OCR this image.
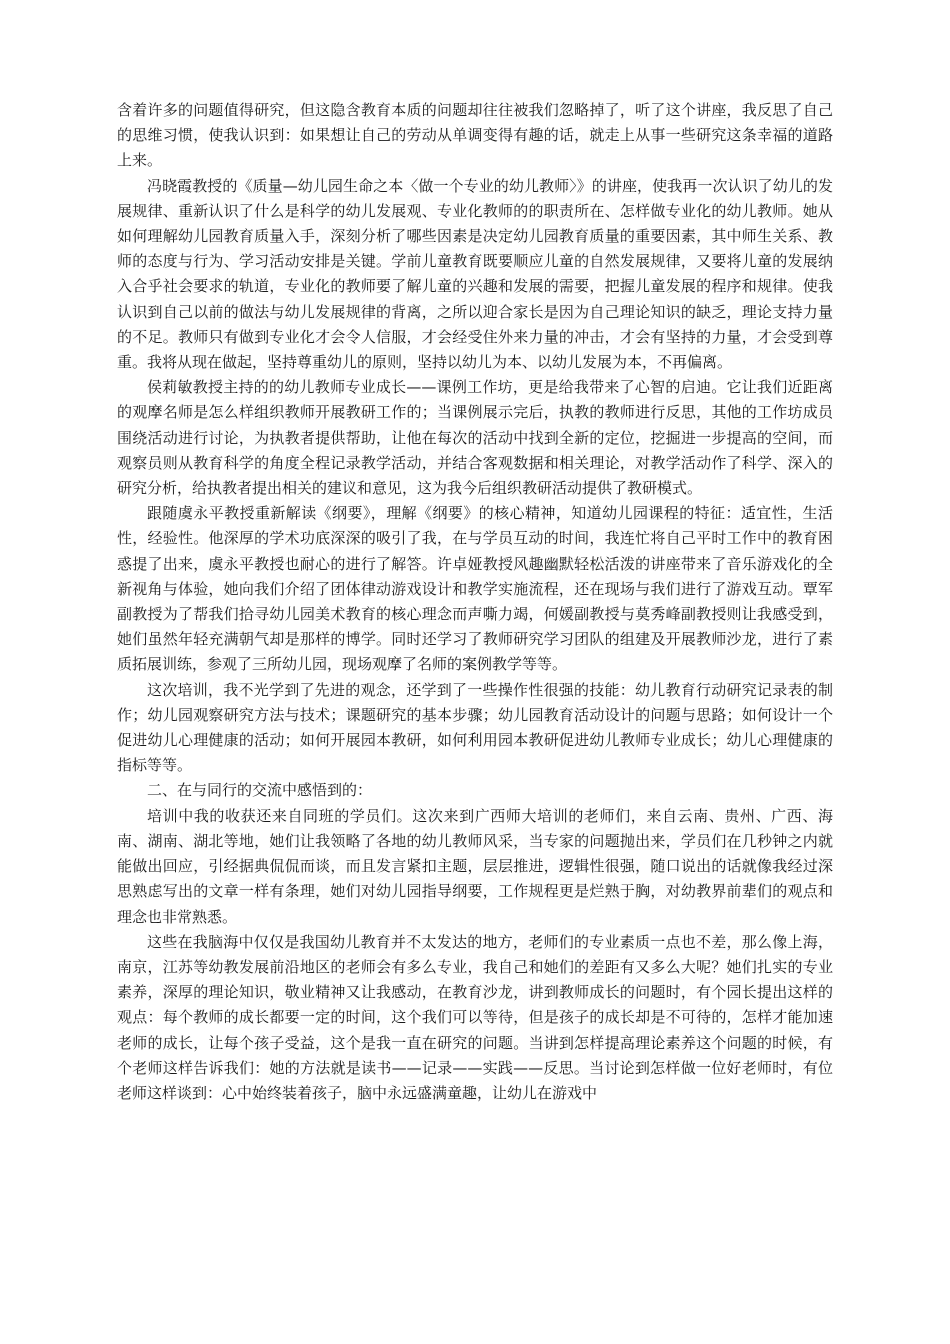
含着许多的问题值得研究，但这隐含教育本质的问题却往往被我们忽略掉了，听了这个讲座，我反思了自己的思维习惯，使我认识到：如果想让自己的劳动从单调变得有趣的话，就走上从事一些研究这条幸福的道路上来。

冯晓霞教授的《质量—幼儿园生命之本〈做一个专业的幼儿教师〉》的讲座，使我再一次认识了幼儿的发展规律、重新认识了什么是科学的幼儿发展观、专业化教师的的职责所在、怎样做专业化的幼儿教师。她从如何理解幼儿园教育质量入手，深刻分析了哪些因素是决定幼儿园教育质量的重要因素，其中师生关系、教师的态度与行为、学习活动安排是关键。学前儿童教育既要顺应儿童的自然发展规律，又要将儿童的发展纳入合乎社会要求的轨道，专业化的教师要了解儿童的兴趣和发展的需要，把握儿童发展的程序和规律。使我认识到自己以前的做法与幼儿发展规律的背离，之所以迎合家长是因为自己理论知识的缺乏，理论支持力量的不足。教师只有做到专业化才会令人信服，才会经受住外来力量的冲击，才会有坚持的力量，才会受到尊重。我将从现在做起，坚持尊重幼儿的原则，坚持以幼儿为本、以幼儿发展为本，不再偏离。

侯莉敏教授主持的的幼儿教师专业成长——课例工作坊，更是给我带来了心智的启迪。它让我们近距离的观摩名师是怎么样组织教师开展教研工作的；当课例展示完后，执教的教师进行反思，其他的工作坊成员围绕活动进行讨论，为执教者提供帮助，让他在每次的活动中找到全新的定位，挖掘进一步提高的空间，而观察员则从教育科学的角度全程记录教学活动，并结合客观数据和相关理论，对教学活动作了科学、深入的研究分析，给执教者提出相关的建议和意见，这为我今后组织教研活动提供了教研模式。

跟随虞永平教授重新解读《纲要》，理解《纲要》的核心精神，知道幼儿园课程的特征：适宜性，生活性，经验性。他深厚的学术功底深深的吸引了我，在与学员互动的时间，我连忙将自己平时工作中的教育困惑提了出来，虞永平教授也耐心的进行了解答。许卓娅教授风趣幽默轻松活泼的讲座带来了音乐游戏化的全新视角与体验，她向我们介绍了团体律动游戏设计和教学实施流程，还在现场与我们进行了游戏互动。覃军副教授为了帮我们拾寻幼儿园美术教育的核心理念而声嘶力竭，何媛副教授与莫秀峰副教授则让我感受到，她们虽然年轻充满朝气却是那样的博学。同时还学习了教师研究学习团队的组建及开展教师沙龙，进行了素质拓展训练，参观了三所幼儿园，现场观摩了名师的案例教学等等。

这次培训，我不光学到了先进的观念，还学到了一些操作性很强的技能：幼儿教育行动研究记录表的制作；幼儿园观察研究方法与技术；课题研究的基本步骤；幼儿园教育活动设计的问题与思路；如何设计一个促进幼儿心理健康的活动；如何开展园本教研，如何利用园本教研促进幼儿教师专业成长；幼儿心理健康的指标等等。

二、在与同行的交流中感悟到的：

培训中我的收获还来自同班的学员们。这次来到广西师大培训的老师们，来自云南、贵州、广西、海南、湖南、湖北等地，她们让我领略了各地的幼儿教师风采，当专家的问题抛出来，学员们在几秒钟之内就能做出回应，引经据典侃侃而谈，而且发言紧扣主题，层层推进，逻辑性很强，随口说出的话就像我经过深思熟虑写出的文章一样有条理，她们对幼儿园指导纲要，工作规程更是烂熟于胸，对幼教界前辈们的观点和理念也非常熟悉。

这些在我脑海中仅仅是我国幼儿教育并不太发达的地方，老师们的专业素质一点也不差，那么像上海，南京，江苏等幼教发展前沿地区的老师会有多么专业，我自己和她们的差距有又多么大呢？她们扎实的专业素养，深厚的理论知识，敬业精神又让我感动，在教育沙龙，讲到教师成长的问题时，有个园长提出这样的观点：每个教师的成长都要一定的时间，这个我们可以等待，但是孩子的成长却是不可待的，怎样才能加速老师的成长，让每个孩子受益，这个是我一直在研究的问题。当讲到怎样提高理论素养这个问题的时候，有个老师这样告诉我们：她的方法就是读书——记录——实践——反思。当讨论到怎样做一位好老师时，有位老师这样谈到：心中始终装着孩子，脑中永远盛满童趣，让幼儿在游戏中
